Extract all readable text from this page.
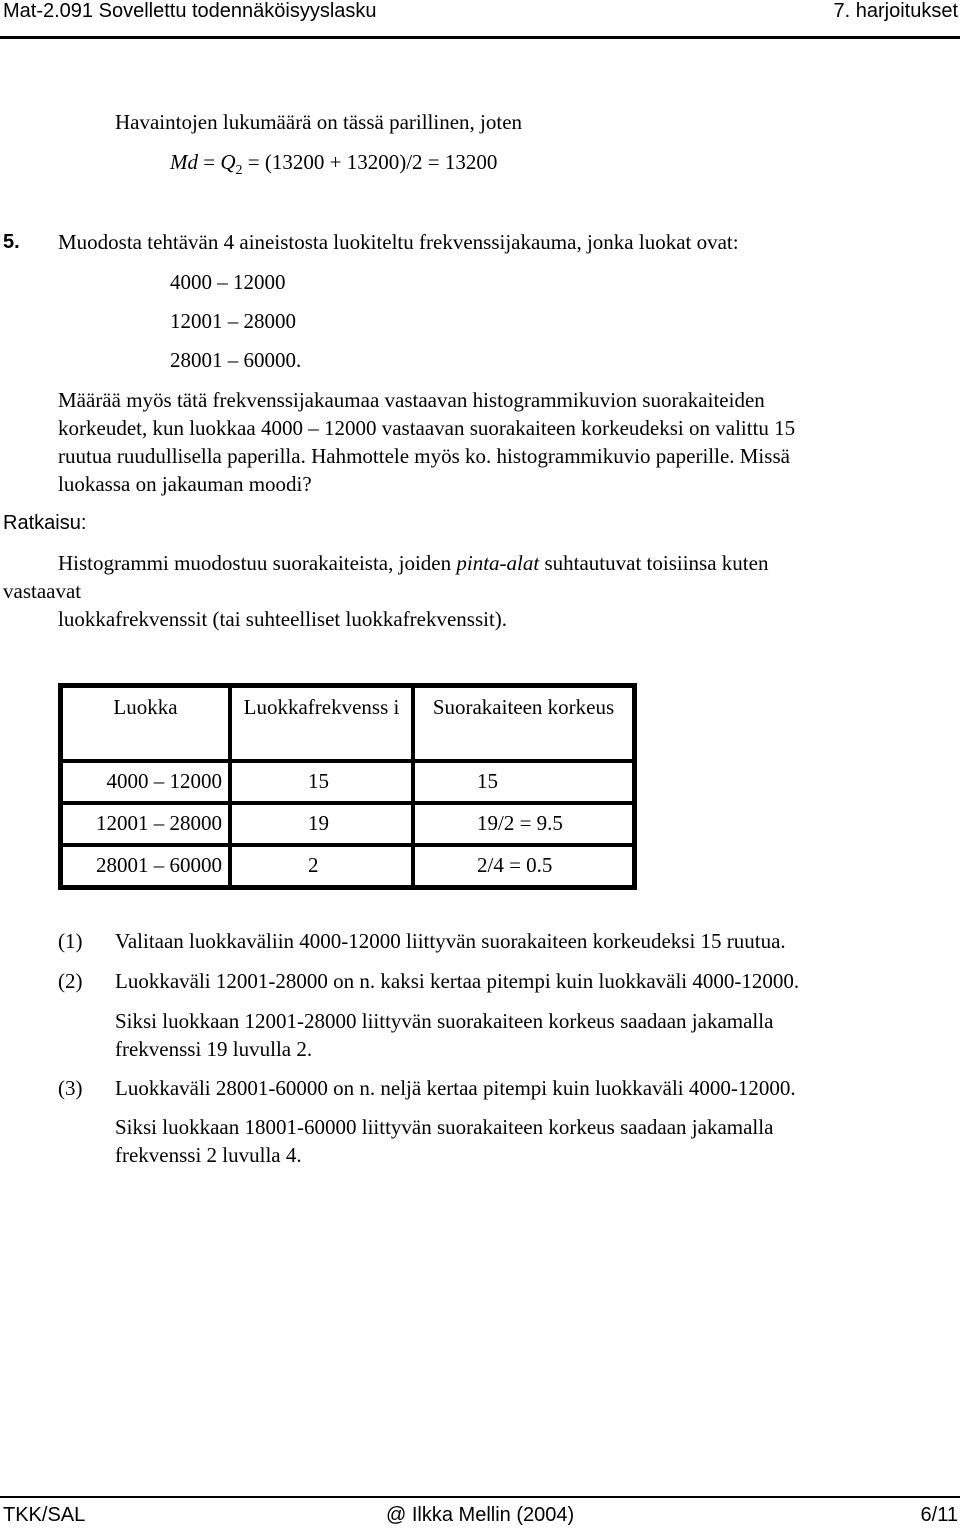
Mat-2.091 Sovellettu todennäköisyyslasku	7. harjoitukset
Havaintojen lukumäärä on tässä parillinen, joten
$Md = Q_2 = (13200 + 13200)/2 = 13200$
5. Muodosta tehtävän 4 aineistosta luokiteltu frekvenssijakauma, jonka luokat ovat:
4000 – 12000
12001 – 28000
28001 – 60000.
Määrää myös tätä frekvenssijakaumaa vastaavan histogrammikuvion suorakaiteiden
korkeudet, kun luokkaa 4000 – 12000 vastaavan suorakaiteen korkeudeksi on valittu 15
ruutua ruudullisella paperilla. Hahmottele myös ko. histogrammikuvio paperille. Missä
luokassa on jakauman moodi?
Ratkaisu:
Histogrammi muodostuu suorakaiteista, joiden pinta-alat suhtautuvat toisiinsa kuten
vastaavat
luokkafrekvenssit (tai suhteelliset luokkafrekvenssit).
Luokka	Luokkafrekvenss i	Suorakaiteen korkeus
4000 – 12000	15	15
12001 – 28000	19	19/2 = 9.5
28001 – 60000	2	2/4 = 0.5
(1) Valitaan luokkaväliin 4000-12000 liittyvän suorakaiteen korkeudeksi 15 ruutua.
(2) Luokkaväli 12001-28000 on n. kaksi kertaa pitempi kuin luokkaväli 4000-12000.
Siksi luokkaan 12001-28000 liittyvän suorakaiteen korkeus saadaan jakamalla
frekvenssi 19 luvulla 2.
(3) Luokkaväli 28001-60000 on n. neljä kertaa pitempi kuin luokkaväli 4000-12000.
Siksi luokkaan 18001-60000 liittyvän suorakaiteen korkeus saadaan jakamalla
frekvenssi 2 luvulla 4.
TKK/SAL	@ Ilkka Mellin (2004)	6/11
